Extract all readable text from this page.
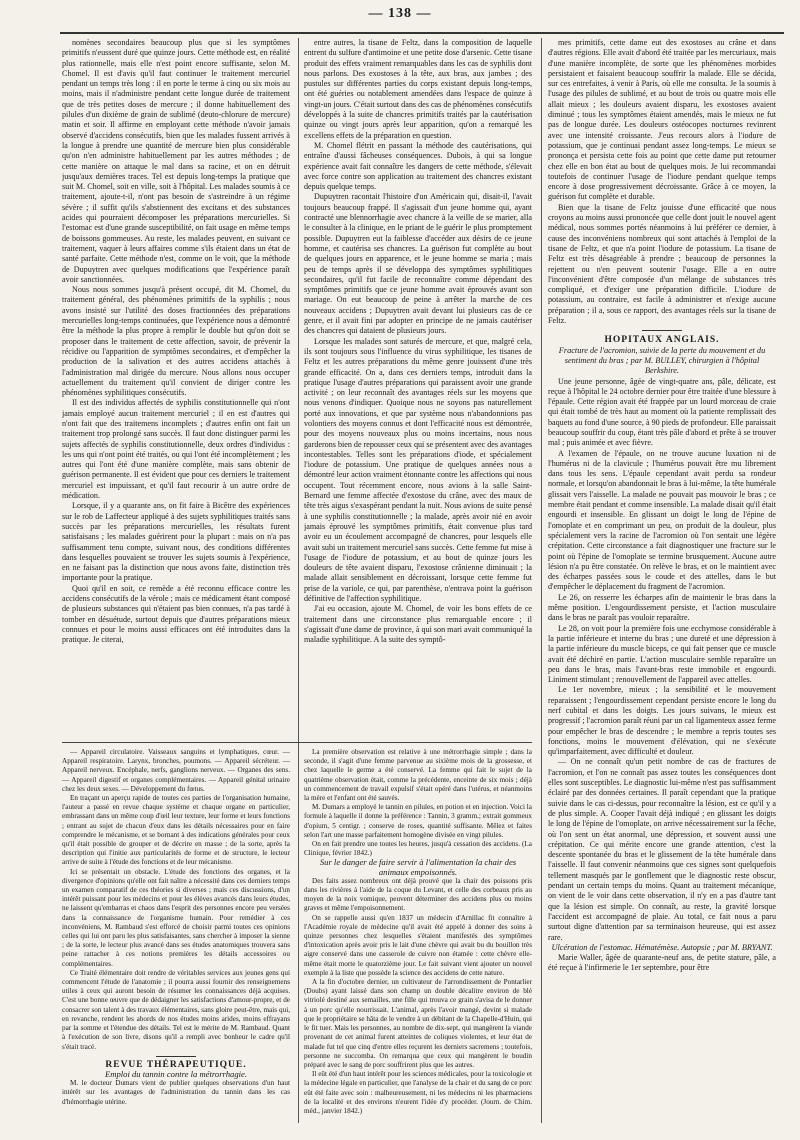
— 138 —

nomènes secondaires beaucoup plus que si les symptômes primitifs n'eussent duré que quinze jours. Cette méthode est, en réalité plus rationnelle, mais elle n'est point encore suffisante, selon M. Chomel. Il est d'avis qu'il faut continuer le traitement mercuriel pendant un temps très long : il en porte le terme à cinq ou six mois au moins, mais il n'administre pendant cette longue durée de traitement que de très petites doses de mercure ; il donne habituellement des pilules d'un dixième de grain de sublimé (deuto-chlorure de mercure) matin et soir. Il affirme en employant cette méthode n'avoir jamais observé d'accidens consécutifs, bien que les malades fussent arrivés à la longue à prendre une quantité de mercure bien plus considérable qu'on n'en administre habituellement par les autres méthodes ; de cette manière on attaque le mal dans sa racine, et on en détruit jusqu'aux dernières traces. Tel est depuis long-temps la pratique que suit M. Chomel, soit en ville, soit à l'hôpital. Les malades soumis à ce traitement, ajoute-t-il, n'ont pas besoin de s'astreindre à un régime sévère ; il suffit qu'ils s'abstiennent des excitans et des substances acides qui pourraient décomposer les préparations mercurielles. Si l'estomac est d'une grande susceptibilité, on fait usage en même temps de boissons gommeuses. Au reste, les malades peuvent, en suivant ce traitement, vaquer à leurs affaires comme s'ils étaient dans un état de santé parfaite. Cette méthode n'est, comme on le voit, que la méthode de Dupuytren avec quelques modifications que l'expérience paraît avoir sanctionnées.

Nous nous sommes jusqu'à présent occupé, dit M. Chomel, du traitement général, des phénomènes primitifs de la syphilis ; nous avons insisté sur l'utilité des doses fractionnées des préparations mercurielles long-temps continuées, que l'expérience nous a démontré être la méthode la plus propre à remplir le double but qu'on doit se proposer dans le traitement de cette affection, savoir, de prévenir la récidive ou l'apparition de symptômes secondaires, et d'empêcher la production de la salivation et des autres accidens attachés à l'administration mal dirigée du mercure. Nous allons nous occuper actuellement du traitement qu'il convient de diriger contre les phénomènes syphilitiques consécutifs.

Il est des individus affectés de syphilis constitutionnelle qui n'ont jamais employé aucun traitement mercuriel ; il en est d'autres qui n'ont fait que des traitemens incomplets ; d'autres enfin ont fait un traitement trop prolongé sans succès. Il faut donc distinguer parmi les sujets affectés de syphilis constitutionnelle, deux ordres d'individus : les uns qui n'ont point été traités, ou qui l'ont été incomplètement ; les autres qui l'ont été d'une manière complète, mais sans obtenir de guérison permanente. Il est évident que pour ces derniers le traitement mercuriel est impuissant, et qu'il faut recourir à un autre ordre de médication.

Lorsque, il y a quarante ans, on fit faire à Bicêtre des expériences sur le rob de Laffecteur appliqué à des sujets syphilitiques traités sans succès par les préparations mercurielles, les résultats furent satisfaisans ; les malades guérirent pour la plupart : mais on n'a pas suffisamment tenu compte, suivant nous, des conditions différentes dans lesquelles pouvaient se trouver les sujets soumis à l'expérience, en ne faisant pas la distinction que nous avons faite, distinction très importante pour la pratique.

Quoi qu'il en soit, ce remède a été reconnu efficace contre les accidens consécutifs de la vérole ; mais ce médicament étant composé de plusieurs substances qui n'étaient pas bien connues, n'a pas tardé à tomber en désuétude, surtout depuis que d'autres préparations mieux connues et pour le moins aussi efficaces ont été introduites dans la pratique. Je citerai,

entre autres, la tisane de Feltz, dans la composition de laquelle entrent du sulfure d'antimoine et une petite dose d'arsenic. Cette tisane produit des effets vraiment remarquables dans les cas de syphilis dont nous parlons. Des exostoses à la tête, aux bras, aux jambes ; des pustules sur différentes parties du corps existant depuis long-temps, ont été guéries ou notablement amendées dans l'espace de quinze à vingt-un jours. C'était surtout dans des cas de phénomènes consécutifs développés à la suite de chancres primitifs traités par la cautérisation quinze ou vingt jours après leur apparition, qu'on a remarqué les excellens effets de la préparation en question.

M. Chomel flétrit en passant la méthode des cautérisations, qui entraîne d'aussi fâcheuses conséquences. Dubois, à qui sa longue expérience avait fait connaître les dangers de cette méthode, s'élevait avec force contre son application au traitement des chancres existant depuis quelque temps.

Dupuytren racontait l'histoire d'un Américain qui, disait-il, l'avait toujours beaucoup frappé. Il s'agissait d'un jeune homme qui, ayant contracté une blennorrhagie avec chancre à la veille de se marier, alla le consulter à la clinique, en le priant de le guérir le plus promptement possible. Dupuytren eut la faiblesse d'accéder aux désirs de ce jeune homme, et cautérisa ses chancres. La guérison fut complète au bout de quelques jours en apparence, et le jeune homme se maria ; mais peu de temps après il se développa des symptômes syphilitiques secondaires, qu'il fut facile de reconnaître comme dépendant des symptômes primitifs que ce jeune homme avait éprouvés avant son mariage. On eut beaucoup de peine à arrêter la marche de ces nouveaux accidens ; Dupuytren avait devant lui plusieurs cas de ce genre, et il avait fini par adopter en principe de ne jamais cautériser des chancres qui dataient de plusieurs jours.

Lorsque les malades sont saturés de mercure, et que, malgré cela, ils sont toujours sous l'influence du virus syphilitique, les tisanes de Feltz et les autres préparations du même genre jouissent d'une très grande efficacité. On a, dans ces derniers temps, introduit dans la pratique l'usage d'autres préparations qui paraissent avoir une grande activité ; on leur reconnaît des avantages réels sur les moyens que nous venons d'indiquer. Quoique nous ne soyons pas naturellement porté aux innovations, et que par système nous n'abandonnions pas volontiers des moyens connus et dont l'efficacité nous est démontrée, pour des moyens nouveaux plus ou moins incertains, nous nous garderons bien de repousser ceux qui se présentent avec des avantages incontestables. Telles sont les préparations d'iode, et spécialement l'iodure de potassium. Une pratique de quelques années nous a démontré leur action vraiment étonnante contre les affections qui nous occupent. Tout récemment encore, nous avions à la salle Saint-Bernard une femme affectée d'exostose du crâne, avec des maux de tête très aigus s'exaspérant pendant la nuit. Nous avions de suite pensé à une syphilis constitutionnelle ; la malade, après avoir nié en avoir jamais éprouvé les symptômes primitifs, était convenue plus tard avoir eu un écoulement accompagné de chancres, pour lesquels elle avait subi un traitement mercuriel sans succès. Cette femme fut mise à l'usage de l'iodure de potassium, et au bout de quinze jours les douleurs de tête avaient disparu, l'exostose crânienne diminuait ; la malade allait sensiblement en décroissant, lorsque cette femme fut prise de la variole, ce qui, par parenthèse, n'entrava point la guérison définitive de l'affection syphilitique.

J'ai eu occasion, ajoute M. Chomel, de voir les bons effets de ce traitement dans une circonstance plus remarquable encore ; il s'agissait d'une dame de province, à qui son mari avait communiqué la maladie syphilitique. A la suite des symptô-

mes primitifs, cette dame eut des exostoses au crâne et dans d'autres régions. Elle avait d'abord été traitée par les mercuriaux, mais d'une manière incomplète, de sorte que les phénomènes morbides persistaient et faisaient beaucoup souffrir la malade. Elle se décida, sur ces entrefaites, à venir à Paris, où elle me consulta. Je la soumis à l'usage des pilules de sublimé, et au bout de trois ou quatre mois elle allait mieux ; les douleurs avaient disparu, les exostoses avaient diminué ; tous les symptômes étaient amendés, mais le mieux ne fut pas de longue durée. Les douleurs ostéocopes nocturnes revinrent avec une intensité croissante. J'eus recours alors à l'iodure de potassium, que je continuai pendant assez long-temps. Le mieux se prononça et persista cette fois au point que cette dame put retourner chez elle en bon état au bout de quelques mois. Je lui recommandai toutefois de continuer l'usage de l'iodure pendant quelque temps encore à dose progressivement décroissante. Grâce à ce moyen, la guérison fut complète et durable.

Bien que la tisane de Feltz jouisse d'une efficacité que nous croyons au moins aussi prononcée que celle dont jouit le nouvel agent médical, nous sommes portés néanmoins à lui préférer ce dernier, à cause des inconvéniens nombreux qui sont attachés à l'emploi de la tisane de Feltz, et que n'a point l'iodure de potassium. La tisane de Feltz est très désagréable à prendre ; beaucoup de personnes la rejettent ou n'en peuvent soutenir l'usage. Elle a en outre l'inconvénient d'être composée d'un mélange de substances très compliqué, et d'exiger une préparation difficile. L'iodure de potassium, au contraire, est facile à administrer et n'exige aucune préparation ; il a, sous ce rapport, des avantages réels sur la tisane de Feltz.

HOPITAUX ANGLAIS.

Fracture de l'acromion, suivie de la perte du mouvement et du sentiment du bras ; par M. BULLEY, chirurgien à l'hôpital Berkshire.

Une jeune personne, âgée de vingt-quatre ans, pâle, délicate, est reçue à l'hôpital le 24 octobre dernier pour être traitée d'une blessure à l'épaule. Cette région avait été frappée par un lourd morceau de craie qui était tombé de très haut au moment où la patiente remplissait des baquets au fond d'une source, à 90 pieds de profondeur. Elle paraissait beaucoup souffrir du coup, étant très pâle d'abord et prête à se trouver mal ; puis animée et avec fièvre.

A l'examen de l'épaule, on ne trouve aucune luxation ni de l'humérus ni de la clavicule ; l'humérus pouvait être mu librement dans tous les sens. L'épaule cependant avait perdu sa rondeur normale, et lorsqu'on abandonnait le bras à lui-même, la tête humérale glissait vers l'aisselle. La malade ne pouvait pas mouvoir le bras ; ce membre était pendant et comme insensible. La malade disait qu'il était engourdi et insensible. En glissant un doigt le long de l'épine de l'omoplate et en comprimant un peu, on produit de la douleur, plus spécialement vers la racine de l'acromion où l'on sentait une légère crépitation. Cette circonstance a fait diagnostiquer une fracture sur le point où l'épine de l'omoplate se termine brusquement. Aucune autre lésion n'a pu être constatée. On relève le bras, et on le maintient avec des écharpes passées sous le coude et des attelles, dans le but d'empêcher le déplacement du fragment de l'acromion.

Le 26, on resserre les écharpes afin de maintenir le bras dans la même position. L'engourdissement persiste, et l'action musculaire dans le bras ne paraît pas vouloir reparaître.

Le 28, on voit pour la première fois une ecchymose considérable à la partie inférieure et interne du bras ; une dureté et une dépression à la partie inférieure du muscle biceps, ce qui fait penser que ce muscle avait été déchiré en partie. L'action musculaire semble reparaître un peu dans le bras, mais l'avant-bras reste immobile et engourdi. Liniment stimulant ; renouvellement de l'appareil avec attelles.

Le 1er novembre, mieux ; la sensibilité et le mouvement reparaissent ; l'engourdissement cependant persiste encore le long du nerf cubital et dans les doigts. Les jours suivans, le mieux est progressif ; l'acromion paraît réuni par un cal ligamenteux assez ferme pour empêcher le bras de descendre ; le membre a repris toutes ses fonctions, moins le mouvement d'élévation, qui ne s'exécute qu'imparfaitement, avec difficulté et douleur.

— On ne connaît qu'un petit nombre de cas de fractures de l'acromion, et l'on ne connaît pas assez toutes les conséquences dont elles sont susceptibles. Le diagnostic lui-même n'est pas suffisamment éclairé par des données certaines. Il paraît cependant que la pratique suivie dans le cas ci-dessus, pour reconnaître la lésion, est ce qu'il y a de plus simple. A. Cooper l'avait déjà indiqué ; en glissant les doigts le long de l'épine de l'omoplate, on arrive nécessairement sur la fêche, où l'on sent un état anormal, une dépression, et souvent aussi une crépitation. Ce qui mérite encore une grande attention, c'est la descente spontanée du bras et le glissement de la tête humérale dans l'aisselle. Il faut convenir néanmoins que ces signes sont quelquefois tellement masqués par le gonflement que le diagnostic reste obscur, pendant un certain temps du moins. Quant au traitement mécanique, on vient de le voir dans cette observation, il n'y en a pas d'autre tant que la lésion est simple. On connaît, au reste, la gravité lorsque l'accident est accompagné de plaie. Au total, ce fait nous a paru surtout digne d'attention par sa terminaison heureuse, qui est assez rare.

Ulcération de l'estomac. Hématémèse. Autopsie ; par M. BRYANT.

Marie Waller, âgée de quarante-neuf ans, de petite stature, pâle, a été reçue à l'infirmerie le 1er septembre, pour être

— Appareil circulatoire. Vaisseaux sanguins et lymphatiques, cœur. — Appareil respiratoire. Larynx, bronches, poumons. — Appareil sécréteur. — Appareil nerveux. Encéphale, nerfs, ganglions nerveux. — Organes des sens. — Appareil digestif et organes complémentaires. — Appareil génital urinaire chez les deux sexes. — Développement du fœtus.

En traçant un aperçu rapide de toutes ces parties de l'organisation humaine, l'auteur a passé en revue chaque système et chaque organe en particulier, embrassant dans un même coup d'œil leur texture, leur forme et leurs fonctions ; entrant au sujet de chacun d'eux dans les détails nécessaires pour en faire comprendre le mécanisme, et se bornant à des indications générales pour ceux qu'il était possible de grouper et de décrire en masse ; de la sorte, après la description qui l'initie aux particularités de forme et de structure, le lecteur arrive de suite à l'étude des fonctions et de leur mécanisme.

Ici se présentait un obstacle. L'étude des fonctions des organes, et la divergence d'opinions qu'elle ont fait naître a nécessité dans ces derniers temps un examen comparatif de ces théories si diverses ; mais ces discussions, d'un intérêt puissant pour les médecins et pour les élèves avancés dans leurs études, ne laissent qu'embarras et chaos dans l'esprit des personnes encore peu versées dans la connaissance de l'organisme humain. Pour remédier à ces inconvéniens, M. Rambaud s'est efforcé de choisir parmi toutes ces opinions celles qui lui ont paru les plus satisfaisantes, sans chercher à imposer la sienne ; de la sorte, le lecteur plus avancé dans ses études anatomiques trouvera sans peine rattacher à ces notions premières les détails accessoires ou complémentaires.

Ce Traité élémentaire doit rendre de véritables services aux jeunes gens qui commencent l'étude de l'anatomie ; il pourra aussi fournir des renseignemens utiles à ceux qui auront besoin de résumer les connaissances déjà acquises. C'est une bonne œuvre que de dédaigner les satisfactions d'amour-propre, et de consacrer son talent à des travaux élémentaires, sans gloire peut-être, mais qui, en revanche, rendent les abords de nos études moins arides, moins effrayans par la somme et l'étendue des détails. Tel est le mérite de M. Rambaud. Quant à l'exécution de son livre, disons qu'il a rempli avec bonheur le cadre qu'il s'était tracé.

REVUE THÉRAPEUTIQUE.

Emploi du tannin contre la métrorrhagie.

M. le docteur Dumars vient de publier quelques observations d'un haut intérêt sur les avantages de l'administration du tannin dans les cas d'hémorrhagie utérine.

La première observation est relative à une métrorrhagie simple ; dans la seconde, il s'agit d'une femme parvenue au sixième mois de la grossesse, et chez laquelle le germe a été conservé. La femme qui fait le sujet de la quatrième observation était, comme la précédente, enceinte de six mois ; déjà un commencement de travail expulsif s'était opéré dans l'utérus, et néanmoins la mère et l'enfant ont été sauvés.

M. Dumars a employé le tannin en pilules, en potion et en injection. Voici la formule à laquelle il donne la préférence : Tannin, 3 gramm.; extrait gommeux d'opium, 5 centigr. ; conserve de roses, quantité suffisante. Mêlez et faites selon l'art une masse parfaitement homogène divisée en vingt pilules.

On en fait prendre une toutes les heures, jusqu'à cessation des accidens. (La Clinique, février 1842.)

Sur le danger de faire servir à l'alimentation la chair des animaux empoisonnés.

Des faits assez nombreux ont déjà prouvé que la chair des poissons pris dans les rivières à l'aide de la coque du Levant, et celle des corbeaux pris au moyen de la noix vomique, peuvent déterminer des accidens plus ou moins graves et même l'empoisonnement.

On se rappelle aussi qu'en 1837 un médecin d'Arnillac fit connaître à l'Académie royale de médecine qu'il avait été appelé à donner des soins à quinze personnes chez lesquelles s'étaient manifestés des symptômes d'intoxication après avoir pris le lait d'une chèvre qui avait bu du bouillon très aigre conservé dans une casserole de cuivre non étamée : cette chèvre elle-même était morte le quatorzième jour. Le fait suivant vient ajouter un nouvel exemple à la liste que possède la science des accidens de cette nature.

A la fin d'octobre dernier, un cultivateur de l'arrondissement de Pontarlier (Doubs) ayant laissé dans son champ un double décalitre environ de blé vitriolé destiné aux semailles, une fille qui trouva ce grain s'avisa de le donner à un porc qu'elle nourrissait. L'animal, après l'avoir mangé, devint si malade que le propriétaire se hâta de le vendre à un débitant de la Chapelle-d'Huin, qui le fit tuer. Mais les personnes, au nombre de dix-sept, qui mangèrent la viande provenant de cet animal furent atteintes de coliques violentes, et leur état de malade fut tel que cinq d'entre elles reçurent les derniers sacremens ; toutefois, personne ne succomba. On remarqua que ceux qui mangèrent le boudin préparé avec le sang de porc souffrirent plus que les autres.

Il eût été d'un haut intérêt pour les sciences médicales, pour la toxicologie et la médecine légale en particulier, que l'analyse de la chair et du sang de ce porc eût été faite avec soin : malheureusement, ni les médecins ni les pharmaciens de la localité et des environs n'eurent l'idée d'y procéder. (Journ. de Chim. méd., janvier 1842.)
